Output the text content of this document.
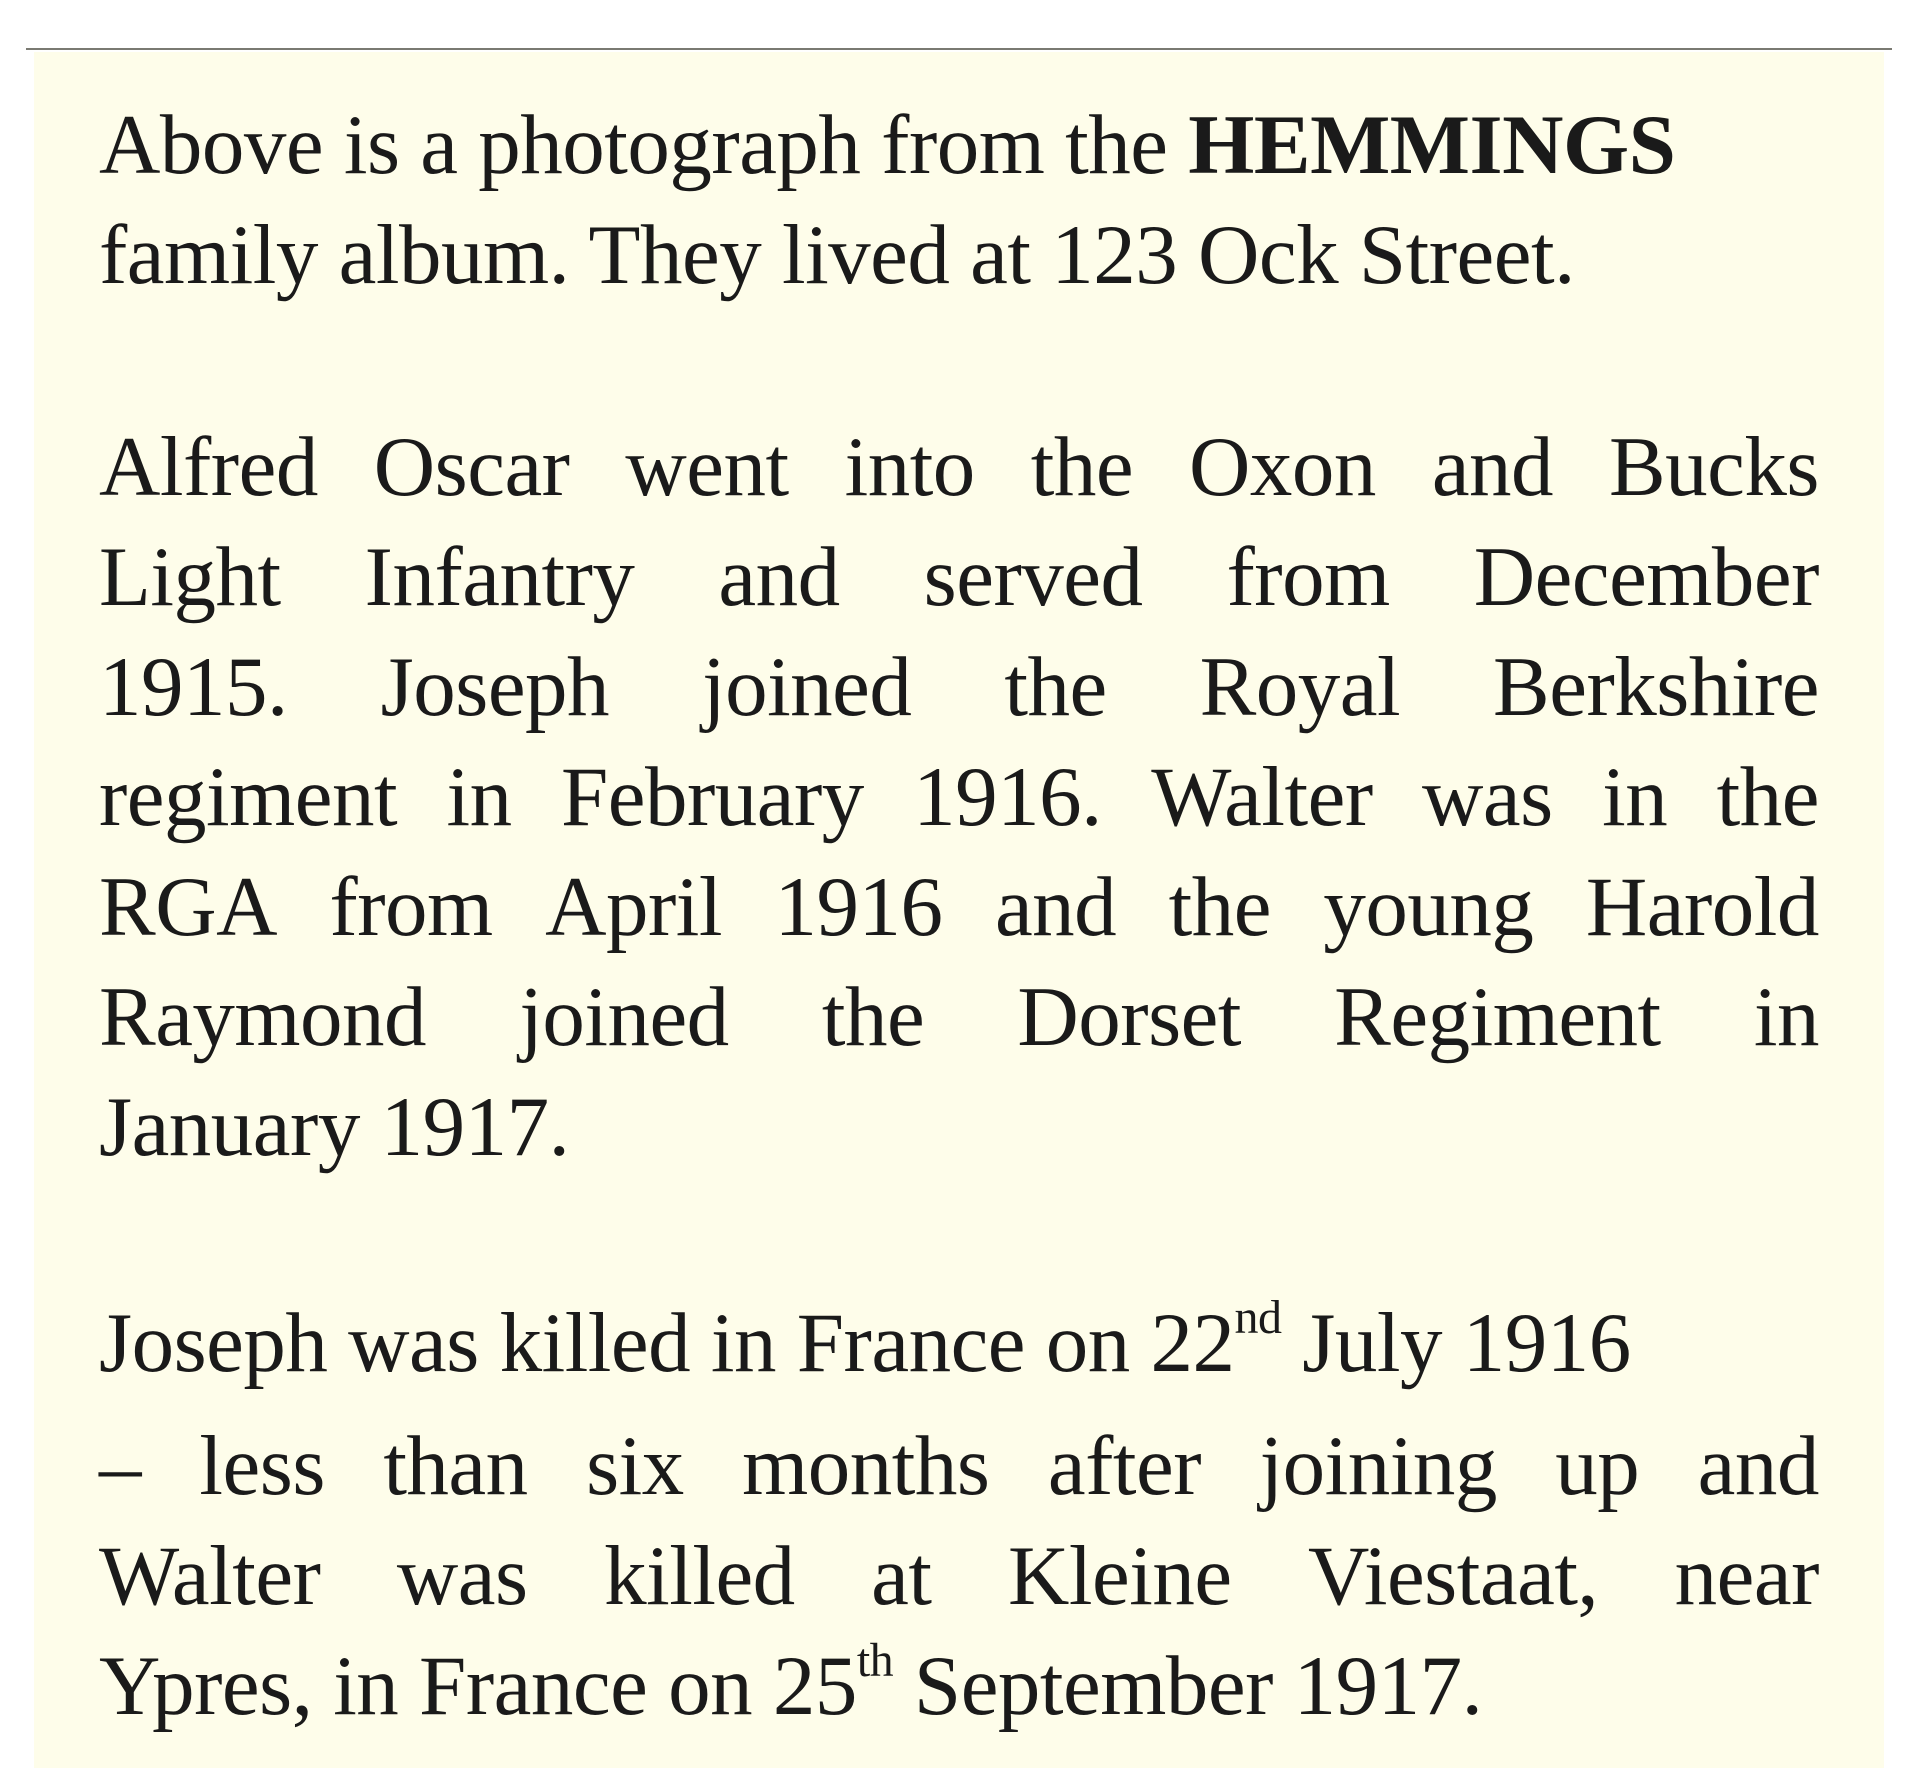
Above is a photograph from the HEMMINGS
family album. They lived at 123 Ock Street.
Alfred Oscar went into the Oxon and Bucks
Light Infantry and served from December
1915. Joseph joined the Royal Berkshire
regiment in February 1916. Walter was in the
RGA from April 1916 and the young Harold
Raymond joined the Dorset Regiment in
January 1917.
Joseph was killed in France on 22nd July 1916
– less than six months after joining up and
Walter was killed at Kleine Viestaat, near
Ypres, in France on 25th September 1917.
